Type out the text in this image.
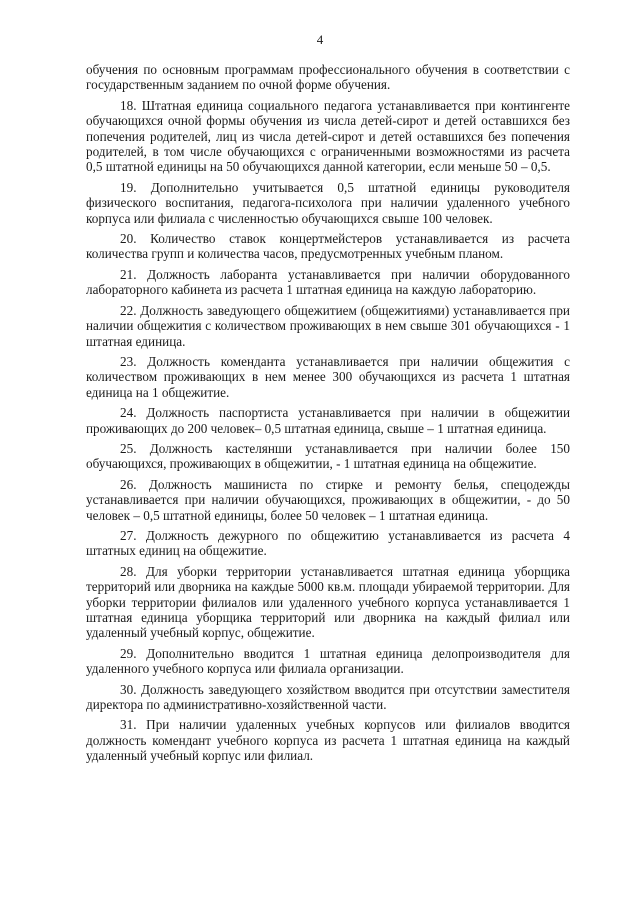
4

обучения по основным программам профессионального обучения в соответствии с государственным заданием по очной форме обучения.

18. Штатная единица социального педагога устанавливается при контингенте обучающихся очной формы обучения из числа детей-сирот и детей оставшихся без попечения родителей, лиц из числа детей-сирот и детей оставшихся без попечения родителей, в том числе обучающихся с ограниченными возможностями из расчета 0,5 штатной единицы на 50 обучающихся данной категории, если меньше 50 – 0,5.

19. Дополнительно учитывается 0,5 штатной единицы руководителя физического воспитания, педагога-психолога при наличии удаленного учебного корпуса или филиала с численностью обучающихся свыше 100 человек.

20. Количество ставок концертмейстеров устанавливается из расчета количества групп и количества часов, предусмотренных учебным планом.

21. Должность лаборанта устанавливается при наличии оборудованного лабораторного кабинета из расчета 1 штатная единица на каждую лабораторию.

22. Должность заведующего общежитием (общежитиями) устанавливается при наличии общежития с количеством проживающих в нем свыше 301 обучающихся - 1 штатная единица.

23. Должность коменданта устанавливается при наличии общежития с количеством проживающих в нем менее 300 обучающихся из расчета 1 штатная единица на 1 общежитие.

24. Должность паспортиста устанавливается при наличии в общежитии проживающих до 200 человек– 0,5 штатная единица, свыше – 1 штатная единица.

25. Должность кастелянши устанавливается при наличии более 150 обучающихся, проживающих в общежитии, - 1 штатная единица на общежитие.

26. Должность машиниста по стирке и ремонту белья, спецодежды устанавливается при наличии обучающихся, проживающих в общежитии, - до 50 человек – 0,5 штатной единицы, более 50 человек – 1 штатная единица.

27. Должность дежурного по общежитию устанавливается из расчета 4 штатных единиц на общежитие.

28. Для уборки территории устанавливается штатная единица уборщика территорий или дворника на каждые 5000 кв.м. площади убираемой территории. Для уборки территории филиалов или удаленного учебного корпуса устанавливается 1 штатная единица уборщика территорий или дворника на каждый филиал или удаленный учебный корпус, общежитие.

29. Дополнительно вводится 1 штатная единица делопроизводителя для удаленного учебного корпуса или филиала организации.

30. Должность заведующего хозяйством вводится при отсутствии заместителя директора по административно-хозяйственной части.

31. При наличии удаленных учебных корпусов или филиалов вводится должность комендант учебного корпуса из расчета 1 штатная единица на каждый удаленный учебный корпус или филиал.
